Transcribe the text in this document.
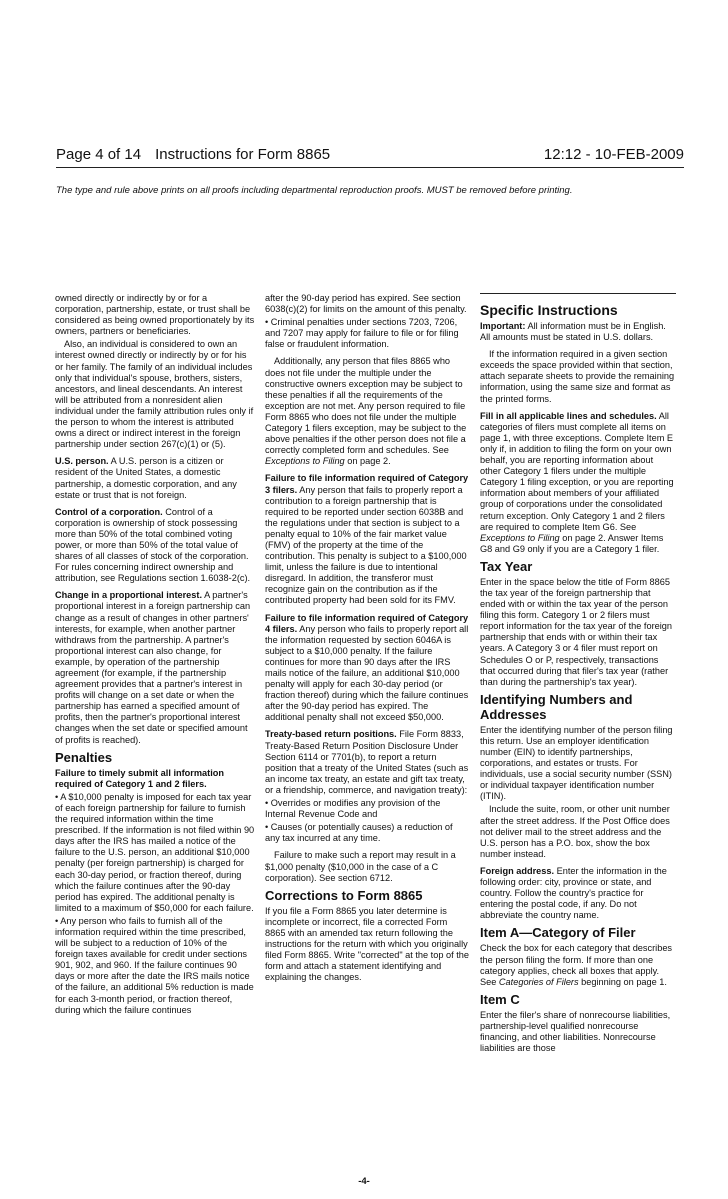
Page 4 of 14 Instructions for Form 8865	12:12 - 10-FEB-2009
The type and rule above prints on all proofs including departmental reproduction proofs. MUST be removed before printing.

owned directly or indirectly by or for a corporation, partnership, estate, or trust shall be considered as being owned proportionately by its owners, partners or beneficiaries.

Also, an individual is considered to own an interest owned directly or indirectly by or for his or her family. The family of an individual includes only that individual's spouse, brothers, sisters, ancestors, and lineal descendants. An interest will be attributed from a nonresident alien individual under the family attribution rules only if the person to whom the interest is attributed owns a direct or indirect interest in the foreign partnership under section 267(c)(1) or (5).

U.S. person. A U.S. person is a citizen or resident of the United States, a domestic partnership, a domestic corporation, and any estate or trust that is not foreign.

Control of a corporation. Control of a corporation is ownership of stock possessing more than 50% of the total combined voting power, or more than 50% of the total value of shares of all classes of stock of the corporation. For rules concerning indirect ownership and attribution, see Regulations section 1.6038-2(c).

Change in a proportional interest. A partner's proportional interest in a foreign partnership can change as a result of changes in other partners' interests, for example, when another partner withdraws from the partnership. A partner's proportional interest can also change, for example, by operation of the partnership agreement (for example, if the partnership agreement provides that a partner's interest in profits will change on a set date or when the partnership has earned a specified amount of profits, then the partner's proportional interest changes when the set date or specified amount of profits is reached).

Penalties

Failure to timely submit all information required of Category 1 and 2 filers.

• A $10,000 penalty is imposed for each tax year of each foreign partnership for failure to furnish the required information within the time prescribed. If the information is not filed within 90 days after the IRS has mailed a notice of the failure to the U.S. person, an additional $10,000 penalty (per foreign partnership) is charged for each 30-day period, or fraction thereof, during which the failure continues after the 90-day period has expired. The additional penalty is limited to a maximum of $50,000 for each failure.

• Any person who fails to furnish all of the information required within the time prescribed, will be subject to a reduction of 10% of the foreign taxes available for credit under sections 901, 902, and 960. If the failure continues 90 days or more after the date the IRS mails notice of the failure, an additional 5% reduction is made for each 3-month period, or fraction thereof, during which the failure continues

after the 90-day period has expired. See section 6038(c)(2) for limits on the amount of this penalty.

• Criminal penalties under sections 7203, 7206, and 7207 may apply for failure to file or for filing false or fraudulent information.

Additionally, any person that files 8865 who does not file under the multiple under the constructive owners exception may be subject to these penalties if all the requirements of the exception are not met. Any person required to file Form 8865 who does not file under the multiple Category 1 filers exception, may be subject to the above penalties if the other person does not file a correctly completed form and schedules. See Exceptions to Filing on page 2.

Failure to file information required of Category 3 filers. Any person that fails to properly report a contribution to a foreign partnership that is required to be reported under section 6038B and the regulations under that section is subject to a penalty equal to 10% of the fair market value (FMV) of the property at the time of the contribution. This penalty is subject to a $100,000 limit, unless the failure is due to intentional disregard. In addition, the transferor must recognize gain on the contribution as if the contributed property had been sold for its FMV.

Failure to file information required of Category 4 filers. Any person who fails to properly report all the information requested by section 6046A is subject to a $10,000 penalty. If the failure continues for more than 90 days after the IRS mails notice of the failure, an additional $10,000 penalty will apply for each 30-day period (or fraction thereof) during which the failure continues after the 90-day period has expired. The additional penalty shall not exceed $50,000.

Treaty-based return positions. File Form 8833, Treaty-Based Return Position Disclosure Under Section 6114 or 7701(b), to report a return position that a treaty of the United States (such as an income tax treaty, an estate and gift tax treaty, or a friendship, commerce, and navigation treaty):

• Overrides or modifies any provision of the Internal Revenue Code and

• Causes (or potentially causes) a reduction of any tax incurred at any time.

Failure to make such a report may result in a $1,000 penalty ($10,000 in the case of a C corporation). See section 6712.

Corrections to Form 8865

If you file a Form 8865 you later determine is incomplete or incorrect, file a corrected Form 8865 with an amended tax return following the instructions for the return with which you originally filed Form 8865. Write "corrected" at the top of the form and attach a statement identifying and explaining the changes.

Specific Instructions

Important: All information must be in English. All amounts must be stated in U.S. dollars.

If the information required in a given section exceeds the space provided within that section, attach separate sheets to provide the remaining information, using the same size and format as the printed forms.

Fill in all applicable lines and schedules. All categories of filers must complete all items on page 1, with three exceptions. Complete Item E only if, in addition to filing the form on your own behalf, you are reporting information about other Category 1 filers under the multiple Category 1 filing exception, or you are reporting information about members of your affiliated group of corporations under the consolidated return exception. Only Category 1 and 2 filers are required to complete Item G6. See Exceptions to Filing on page 2. Answer Items G8 and G9 only if you are a Category 1 filer.

Tax Year

Enter in the space below the title of Form 8865 the tax year of the foreign partnership that ended with or within the tax year of the person filing this form. Category 1 or 2 filers must report information for the tax year of the foreign partnership that ends with or within their tax years. A Category 3 or 4 filer must report on Schedules O or P, respectively, transactions that occurred during that filer's tax year (rather than during the partnership's tax year).

Identifying Numbers and Addresses

Enter the identifying number of the person filing this return. Use an employer identification number (EIN) to identify partnerships, corporations, and estates or trusts. For individuals, use a social security number (SSN) or individual taxpayer identification number (ITIN).

Include the suite, room, or other unit number after the street address. If the Post Office does not deliver mail to the street address and the U.S. person has a P.O. box, show the box number instead.

Foreign address. Enter the information in the following order: city, province or state, and country. Follow the country's practice for entering the postal code, if any. Do not abbreviate the country name.

Item A—Category of Filer

Check the box for each category that describes the person filing the form. If more than one category applies, check all boxes that apply. See Categories of Filers beginning on page 1.

Item C

Enter the filer's share of nonrecourse liabilities, partnership-level qualified nonrecourse financing, and other liabilities. Nonrecourse liabilities are those

-4-
